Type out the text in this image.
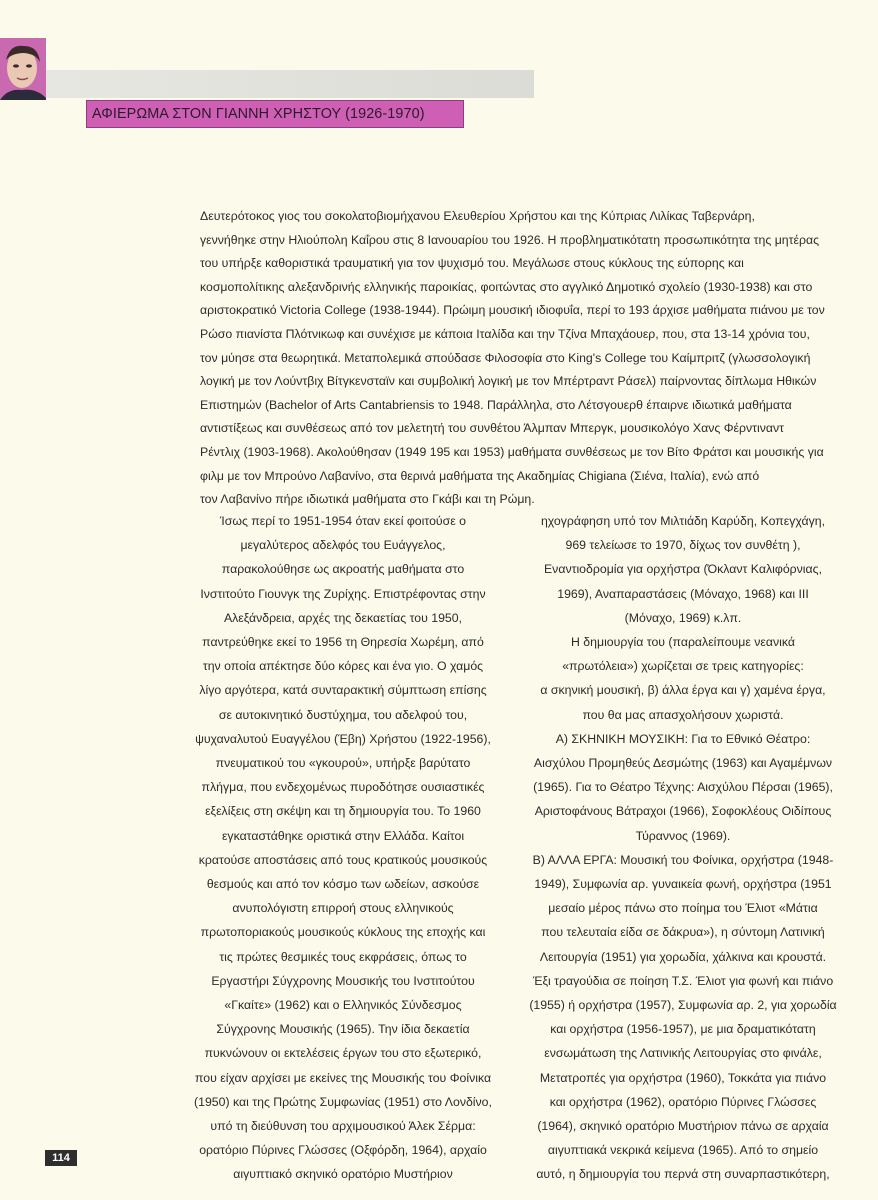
ΑΦΙΕΡΩΜΑ ΣΤΟΝ ΓΙΑΝΝΗ ΧΡΗΣΤΟΥ (1926-1970)
Δευτερότοκος γιος του σοκολατοβιομήχανου Ελευθερίου Χρήστου και της Κύπριας Λιλίκας Ταβερνάρη,
γεννήθηκε στην Ηλιούπολη Καΐρου στις 8 Ιανουαρίου του 1926. Η προβληματικότατη προσωπικότητα της μητέρας
του υπήρξε καθοριστικά τραυματική για τον ψυχισμό του. Μεγάλωσε στους κύκλους της εύπορης και
κοσμοπολίτικης αλεξανδρινής ελληνικής παροικίας, φοιτώντας στο αγγλικό Δημοτικό σχολείο (1930-1938) και στο
αριστοκρατικό Victoria College (1938-1944). Πρώιμη μουσική ιδιοφυΐα, περί το 193 άρχισε μαθήματα πιάνου με τον
Ρώσο πιανίστα Πλότνικωφ και συνέχισε με κάποια Ιταλίδα και την Τζίνα Μπαχάουερ, που, στα 13-14 χρόνια του,
τον μύησε στα θεωρητικά. Μεταπολεμικά σπούδασε Φιλοσοφία στο King's College του Καίμπριτζ (γλωσσολογική
λογική με τον Λούντβιχ Βίτγκενσταϊν και συμβολική λογική με τον Μπέρτραντ Ράσελ) παίρνοντας δίπλωμα Ηθικών
Επιστημών (Bachelor of Arts Cantabriensis το 1948. Παράλληλα, στο Λέτσγουερθ έπαιρνε ιδιωτικά μαθήματα
αντιστίξεως και συνθέσεως από τον μελετητή του συνθέτου Άλμπαν Μπεργκ, μουσικολόγο Χανς Φέρντιναντ
Ρέντλιχ (1903-1968). Ακολούθησαν (1949 195 και 1953) μαθήματα συνθέσεως με τον Βίτο Φράτσι και μουσικής για
φιλμ με τον Μπρούνο Λαβανίνο, στα θερινά μαθήματα της Ακαδημίας Chigiana (Σιένα, Ιταλία), ενώ από
τον Λαβανίνο πήρε ιδιωτικά μαθήματα στο Γκάβι και τη Ρώμη.
Ίσως περί το 1951-1954 όταν εκεί φοιτούσε ο
μεγαλύτερος αδελφός του Ευάγγελος,
παρακολούθησε ως ακροατής μαθήματα στο
Ινστιτούτο Γιουνγκ της Ζυρίχης. Επιστρέφοντας στην
Αλεξάνδρεια, αρχές της δεκαετίας του 1950,
παντρεύθηκε εκεί το 1956 τη Θηρεσία Χωρέμη, από
την οποία απέκτησε δύο κόρες και ένα γιο. Ο χαμός
λίγο αργότερα, κατά συνταρακτική σύμπτωση επίσης
σε αυτοκινητικό δυστύχημα, του αδελφού του,
ψυχαναλυτού Ευαγγέλου (Έβη) Χρήστου (1922-1956),
πνευματικού του «γκουρού», υπήρξε βαρύτατο
πλήγμα, που ενδεχομένως πυροδότησε ουσιαστικές
εξελίξεις στη σκέψη και τη δημιουργία του. Το 1960
εγκαταστάθηκε οριστικά στην Ελλάδα. Καίτοι
κρατούσε αποστάσεις από τους κρατικούς μουσικούς
θεσμούς και από τον κόσμο των ωδείων, ασκούσε
ανυπολόγιστη επιρροή στους ελληνικούς
πρωτοποριακούς μουσικούς κύκλους της εποχής και
τις πρώτες θεσμικές τους εκφράσεις, όπως το
Εργαστήρι Σύγχρονης Μουσικής του Ινστιτούτου
«Γκαίτε» (1962) και ο Ελληνικός Σύνδεσμος
Σύγχρονης Μουσικής (1965). Την ίδια δεκαετία
πυκνώνουν οι εκτελέσεις έργων του στο εξωτερικό,
που είχαν αρχίσει με εκείνες της Μουσικής του Φοίνικα
(1950) και της Πρώτης Συμφωνίας (1951) στο Λονδίνο,
υπό τη διεύθυνση του αρχιμουσικού Άλεκ Σέρμα:
ορατόριο Πύρινες Γλώσσες (Οξφόρδη, 1964), αρχαίο
αιγυπτιακό σκηνικό ορατόριο Μυστήριον
ηχογράφηση υπό τον Μιλτιάδη Καρύδη, Κοπεγχάγη,
969 τελείωσε το 1970, δίχως τον συνθέτη ),
Εναντιοδρομία για ορχήστρα (Όκλαντ Καλιφόρνιας,
1969), Αναπαραστάσεις (Μόναχο, 1968) και ΙΙΙ
(Μόναχο, 1969) κ.λπ.
Η δημιουργία του (παραλείπουμε νεανικά
«πρωτόλεια») χωρίζεται σε τρεις κατηγορίες:
α σκηνική μουσική, β) άλλα έργα και γ) χαμένα έργα,
που θα μας απασχολήσουν χωριστά.
Α) ΣΚΗΝΙΚΗ ΜΟΥΣΙΚΗ: Για το Εθνικό Θέατρο:
Αισχύλου Προμηθεύς Δεσμώτης (1963) και Αγαμέμνων
(1965). Για το Θέατρο Τέχνης: Αισχύλου Πέρσαι (1965),
Αριστοφάνους Βάτραχοι (1966), Σοφοκλέους Οιδίπους
Τύραννος (1969).
Β) ΑΛΛΑ ΕΡΓΑ: Μουσική του Φοίνικα, ορχήστρα (1948-
1949), Συμφωνία αρ. γυναικεία φωνή, ορχήστρα (1951
μεσαίο μέρος πάνω στο ποίημα του Έλιοτ «Μάτια
που τελευταία είδα σε δάκρυα»), η σύντομη Λατινική
Λειτουργία (1951) για χορωδία, χάλκινα και κρουστά.
Έξι τραγούδια σε ποίηση Τ.Σ. Έλιοτ για φωνή και πιάνο
(1955) ή ορχήστρα (1957), Συμφωνία αρ. 2, για χορωδία
και ορχήστρα (1956-1957), με μια δραματικότατη
ενσωμάτωση της Λατινικής Λειτουργίας στο φινάλε,
Μετατροπές για ορχήστρα (1960), Τοκκάτα για πιάνο
και ορχήστρα (1962), ορατόριο Πύρινες Γλώσσες
(1964), σκηνικό ορατόριο Μυστήριον πάνω σε αρχαία
αιγυπτιακά νεκρικά κείμενα (1965). Από το σημείο
αυτό, η δημιουργία του περνά στη συναρπαστικότερη,
114
